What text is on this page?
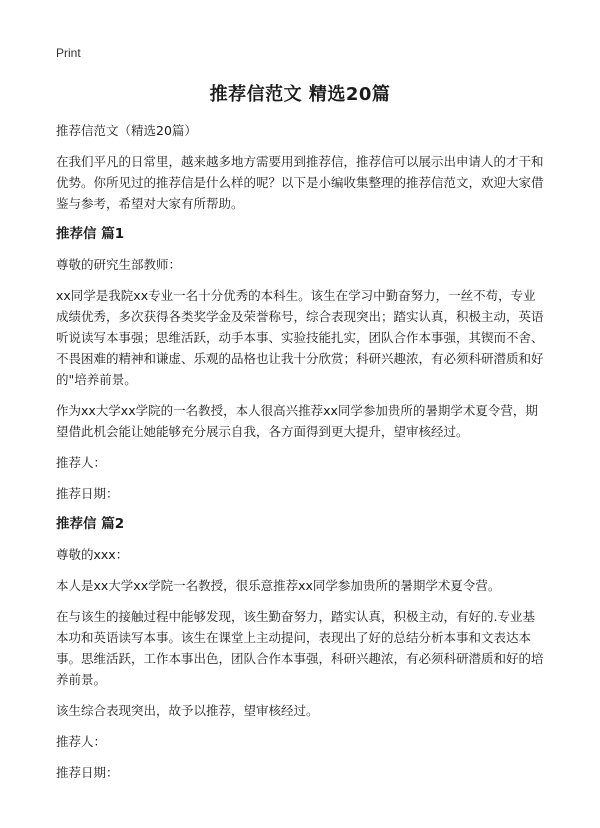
Print
推荐信范文 精选20篇

推荐信范文（精选20篇）

在我们平凡的日常里，越来越多地方需要用到推荐信，推荐信可以展示出申请人的才干和优势。你所见过的推荐信是什么样的呢？以下是小编收集整理的推荐信范文，欢迎大家借鉴与参考，希望对大家有所帮助。

推荐信 篇1

尊敬的研究生部教师：

xx同学是我院xx专业一名十分优秀的本科生。该生在学习中勤奋努力，一丝不苟，专业成绩优秀，多次获得各类奖学金及荣誉称号，综合表现突出；踏实认真，积极主动，英语听说读写本事强；思维活跃，动手本事、实验技能扎实，团队合作本事强，其锲而不舍、不畏困难的精神和谦虚、乐观的品格也让我十分欣赏；科研兴趣浓，有必须科研潜质和好的"培养前景。

作为xx大学xx学院的一名教授，本人很高兴推荐xx同学参加贵所的暑期学术夏令营，期望借此机会能让她能够充分展示自我，各方面得到更大提升，望审核经过。

推荐人：

推荐日期：

推荐信 篇2

尊敬的xxx：

本人是xx大学xx学院一名教授，很乐意推荐xx同学参加贵所的暑期学术夏令营。

在与该生的接触过程中能够发现，该生勤奋努力，踏实认真，积极主动，有好的.专业基本功和英语读写本事。该生在课堂上主动提问，表现出了好的总结分析本事和文表达本事。思维活跃，工作本事出色，团队合作本事强，科研兴趣浓，有必须科研潜质和好的培养前景。

该生综合表现突出，故予以推荐，望审核经过。

推荐人：

推荐日期：
